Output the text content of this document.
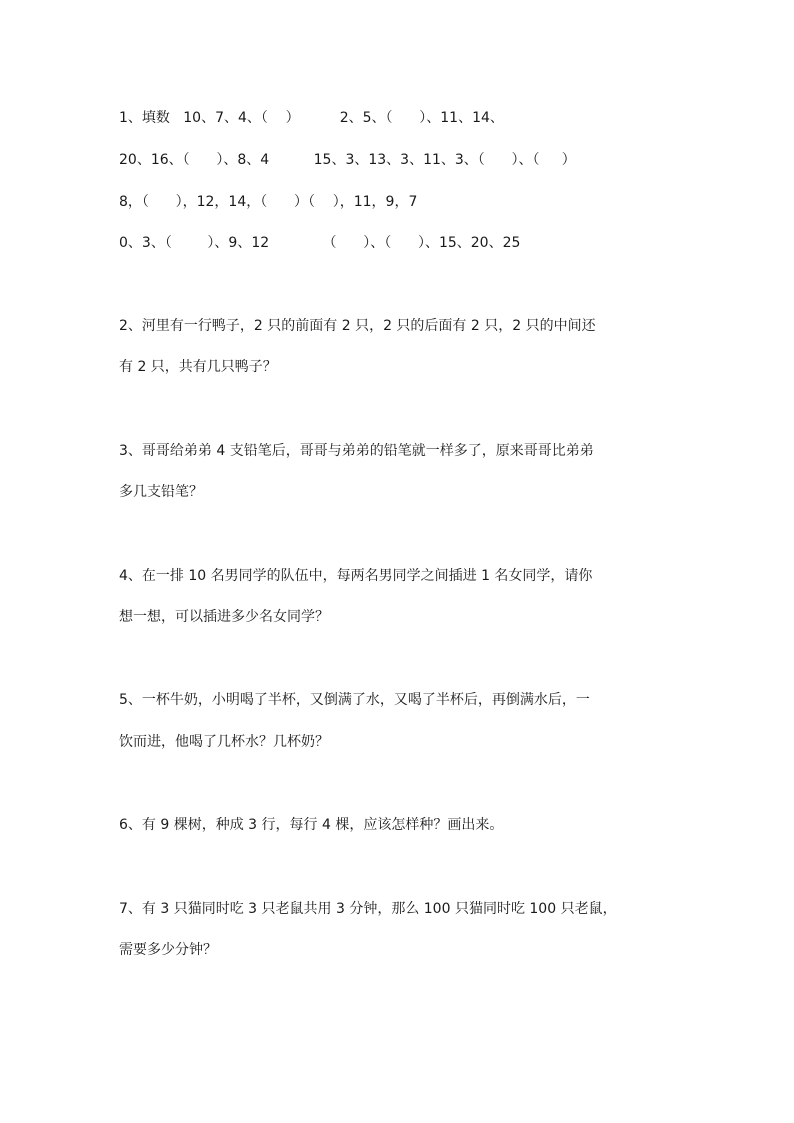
1、填数   10、7、4、（    ）         2、5、（      ）、11、14、
20、16、（      ）、8、4          15、3、13、3、11、3、（      ）、（     ）
8，（      ），12，14，（      ）（    ），11，9，7
0、3、（        ）、9、12            （      ）、（      ）、15、20、25
2、河里有一行鸭子，2 只的前面有 2 只，2 只的后面有 2 只，2 只的中间还
有 2 只，共有几只鸭子？
3、哥哥给弟弟 4 支铅笔后，哥哥与弟弟的铅笔就一样多了，原来哥哥比弟弟
多几支铅笔？
4、在一排 10 名男同学的队伍中，每两名男同学之间插进 1 名女同学，请你
想一想，可以插进多少名女同学？
5、一杯牛奶，小明喝了半杯，又倒满了水，又喝了半杯后，再倒满水后，一
饮而进，他喝了几杯水？几杯奶？
6、有 9 棵树，种成 3 行，每行 4 棵，应该怎样种？画出来。
7、有 3 只猫同时吃 3 只老鼠共用 3 分钟，那么 100 只猫同时吃 100 只老鼠，
需要多少分钟？
